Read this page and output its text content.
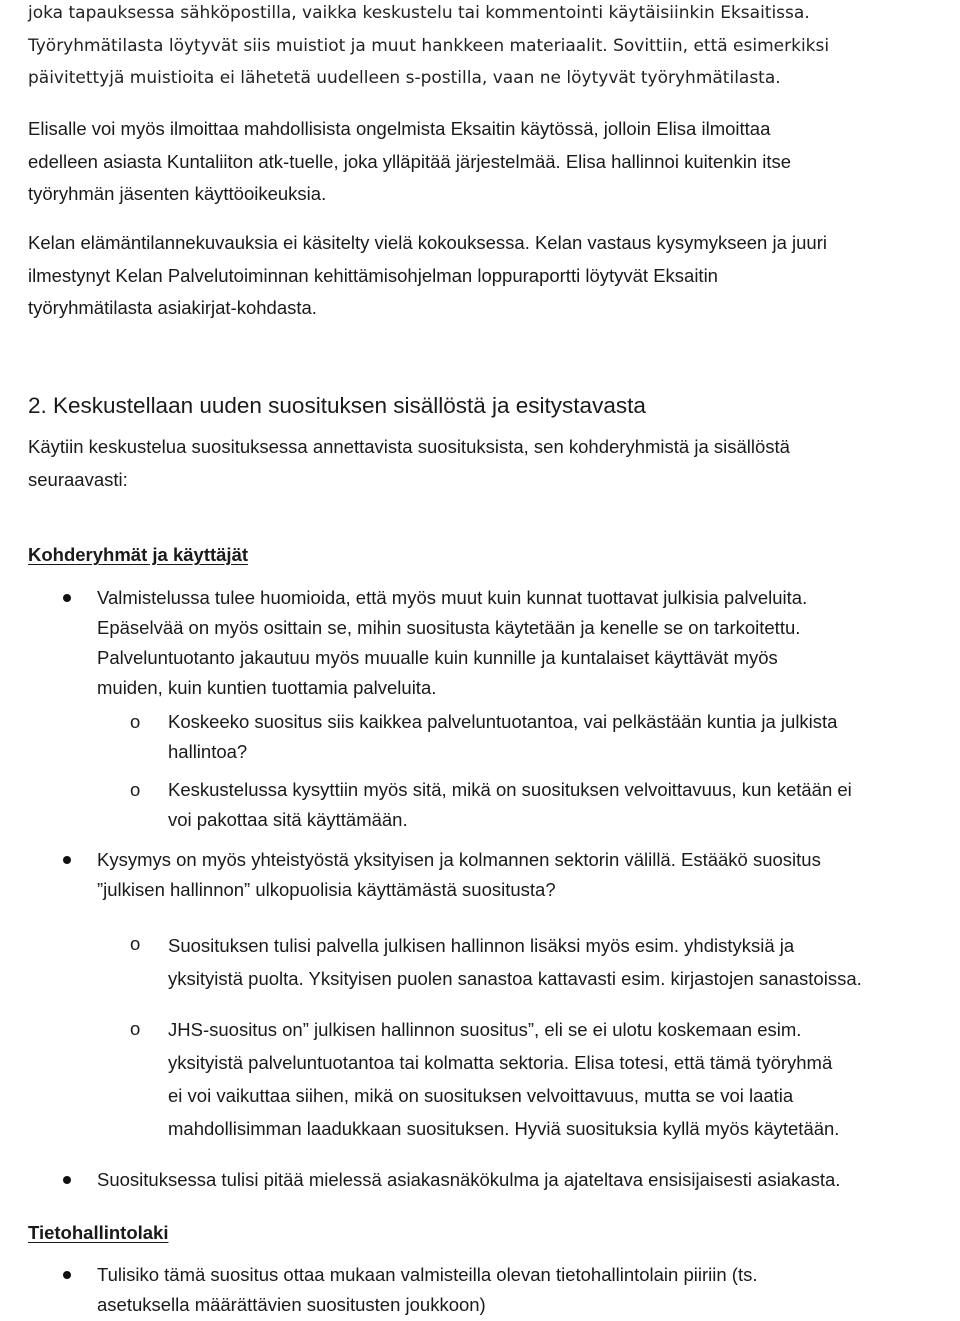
joka tapauksessa sähköpostilla, vaikka keskustelu tai kommentointi käytäisiinkin Eksaitissa.
Työryhmätilasta löytyvät siis muistiot ja muut hankkeen materiaalit. Sovittiin, että esimerkiksi
päivitettyjä muistioita ei lähetetä uudelleen s-postilla, vaan ne löytyvät työryhmätilasta.
Elisalle voi myös ilmoittaa mahdollisista ongelmista Eksaitin käytössä, jolloin Elisa ilmoittaa
edelleen asiasta Kuntaliiton atk-tuelle, joka ylläpitää järjestelmää. Elisa hallinnoi kuitenkin itse
työryhmän jäsenten käyttöoikeuksia.
Kelan elämäntilannekuvauksia ei käsitelty vielä kokouksessa. Kelan vastaus kysymykseen ja juuri
ilmestynyt Kelan Palvelutoiminnan kehittämisohjelman loppuraportti löytyvät Eksaitin
työryhmätilasta asiakirjat-kohdasta.
2. Keskustellaan uuden suosituksen sisällöstä ja esitystavasta
Käytiin keskustelua suosituksessa annettavista suosituksista, sen kohderyhmistä ja sisällöstä
seuraavasti:
Kohderyhmät ja käyttäjät
Valmistelussa tulee huomioida, että myös muut kuin kunnat tuottavat julkisia palveluita.
Epäselvää on myös osittain se, mihin suositusta käytetään ja kenelle se on tarkoitettu.
Palveluntuotanto jakautuu myös muualle kuin kunnille ja kuntalaiset käyttävät myös
muiden, kuin kuntien tuottamia palveluita.
o Koskeeko suositus siis kaikkea palveluntuotantoa, vai pelkästään kuntia ja julkista
hallintoa?
o Keskustelussa kysyttiin myös sitä, mikä on suosituksen velvoittavuus, kun ketään ei
voi pakottaa sitä käyttämään.
Kysymys on myös yhteistyöstä yksityisen ja kolmannen sektorin välillä. Estääkö suositus
”julkisen hallinnon” ulkopuolisia käyttämästä suositusta?
o Suosituksen tulisi palvella julkisen hallinnon lisäksi myös esim. yhdistyksiä ja
yksityistä puolta. Yksityisen puolen sanastoa kattavasti esim. kirjastojen sanastoissa.
o JHS-suositus on” julkisen hallinnon suositus”, eli se ei ulotu koskemaan esim.
yksityistä palveluntuotantoa tai kolmatta sektoria. Elisa totesi, että tämä työryhmä
ei voi vaikuttaa siihen, mikä on suosituksen velvoittavuus, mutta se voi laatia
mahdollisimman laadukkaan suosituksen. Hyviä suosituksia kyllä myös käytetään.
Suosituksessa tulisi pitää mielessä asiakasnäkökulma ja ajateltava ensisijaisesti asiakasta.
Tietohallintolaki
Tulisiko tämä suositus ottaa mukaan valmisteilla olevan tietohallintolain piiriin (ts.
asetuksella määrättävien suositusten joukkoon)
